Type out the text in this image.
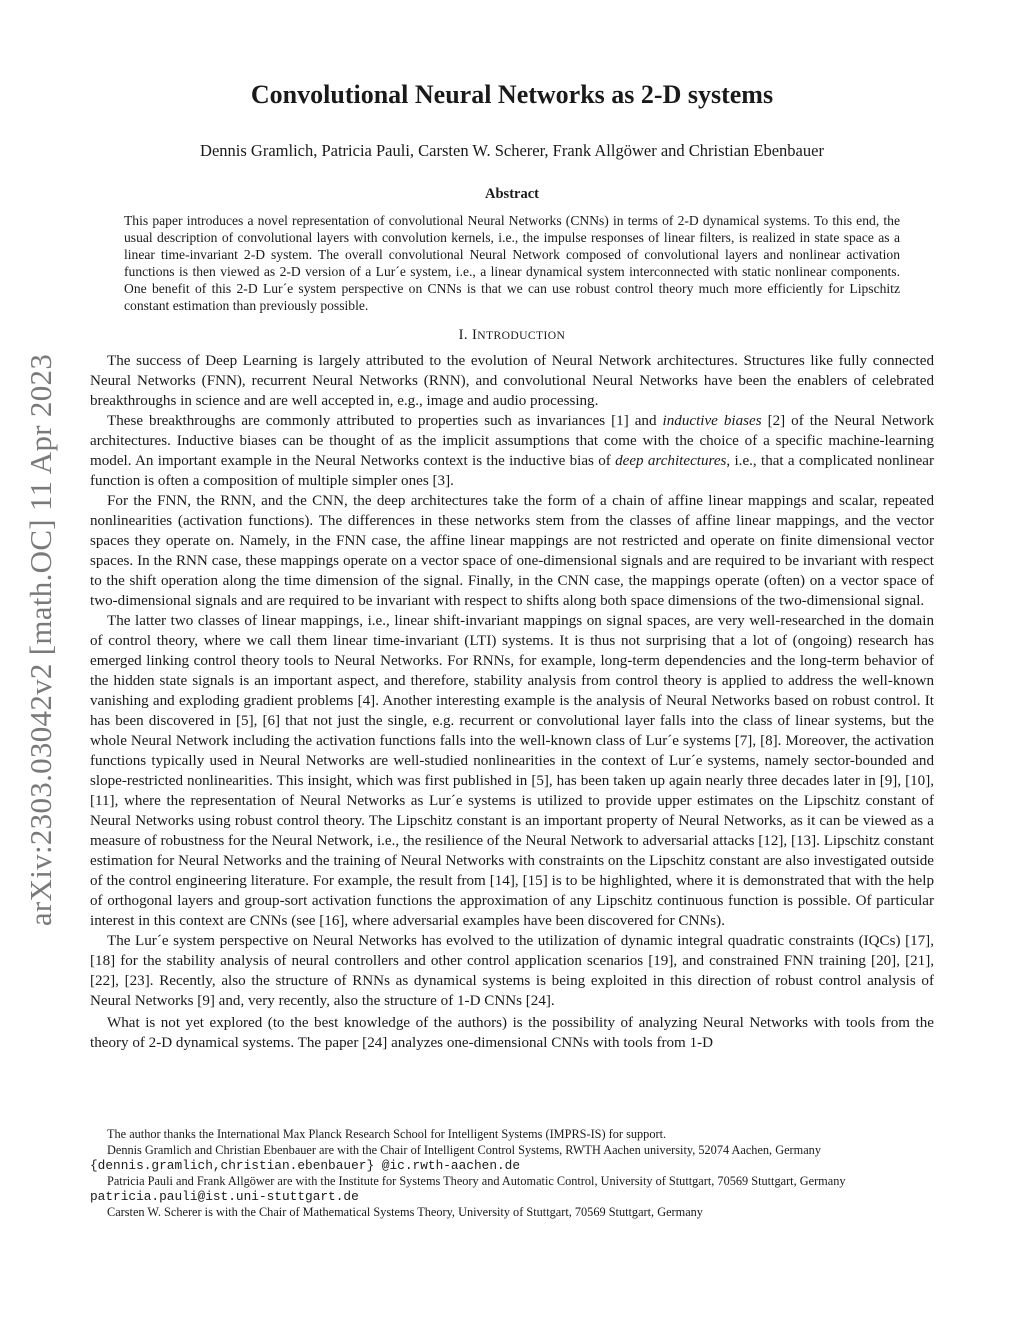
arXiv:2303.03042v2 [math.OC] 11 Apr 2023
Convolutional Neural Networks as 2-D systems
Dennis Gramlich, Patricia Pauli, Carsten W. Scherer, Frank Allgöwer and Christian Ebenbauer
Abstract

This paper introduces a novel representation of convolutional Neural Networks (CNNs) in terms of 2-D dynamical systems. To this end, the usual description of convolutional layers with convolution kernels, i.e., the impulse responses of linear filters, is realized in state space as a linear time-invariant 2-D system. The overall convolutional Neural Network composed of convolutional layers and nonlinear activation functions is then viewed as 2-D version of a Lur´e system, i.e., a linear dynamical system interconnected with static nonlinear components. One benefit of this 2-D Lur´e system perspective on CNNs is that we can use robust control theory much more efficiently for Lipschitz constant estimation than previously possible.

I. INTRODUCTION

The success of Deep Learning is largely attributed to the evolution of Neural Network architectures. Structures like fully connected Neural Networks (FNN), recurrent Neural Networks (RNN), and convolutional Neural Networks have been the enablers of celebrated breakthroughs in science and are well accepted in, e.g., image and audio processing.

These breakthroughs are commonly attributed to properties such as invariances [1] and inductive biases [2] of the Neural Network architectures. Inductive biases can be thought of as the implicit assumptions that come with the choice of a specific machine-learning model. An important example in the Neural Networks context is the inductive bias of deep architectures, i.e., that a complicated nonlinear function is often a composition of multiple simpler ones [3].

For the FNN, the RNN, and the CNN, the deep architectures take the form of a chain of affine linear mappings and scalar, repeated nonlinearities (activation functions). The differences in these networks stem from the classes of affine linear mappings, and the vector spaces they operate on. Namely, in the FNN case, the affine linear mappings are not restricted and operate on finite dimensional vector spaces. In the RNN case, these mappings operate on a vector space of one-dimensional signals and are required to be invariant with respect to the shift operation along the time dimension of the signal. Finally, in the CNN case, the mappings operate (often) on a vector space of two-dimensional signals and are required to be invariant with respect to shifts along both space dimensions of the two-dimensional signal.

The latter two classes of linear mappings, i.e., linear shift-invariant mappings on signal spaces, are very well-researched in the domain of control theory, where we call them linear time-invariant (LTI) systems. It is thus not surprising that a lot of (ongoing) research has emerged linking control theory tools to Neural Networks. For RNNs, for example, long-term dependencies and the long-term behavior of the hidden state signals is an important aspect, and therefore, stability analysis from control theory is applied to address the well-known vanishing and exploding gradient problems [4]. Another interesting example is the analysis of Neural Networks based on robust control. It has been discovered in [5], [6] that not just the single, e.g. recurrent or convolutional layer falls into the class of linear systems, but the whole Neural Network including the activation functions falls into the well-known class of Lur´e systems [7], [8]. Moreover, the activation functions typically used in Neural Networks are well-studied nonlinearities in the context of Lur´e systems, namely sector-bounded and slope-restricted nonlinearities. This insight, which was first published in [5], has been taken up again nearly three decades later in [9], [10], [11], where the representation of Neural Networks as Lur´e systems is utilized to provide upper estimates on the Lipschitz constant of Neural Networks using robust control theory. The Lipschitz constant is an important property of Neural Networks, as it can be viewed as a measure of robustness for the Neural Network, i.e., the resilience of the Neural Network to adversarial attacks [12], [13]. Lipschitz constant estimation for Neural Networks and the training of Neural Networks with constraints on the Lipschitz constant are also investigated outside of the control engineering literature. For example, the result from [14], [15] is to be highlighted, where it is demonstrated that with the help of orthogonal layers and group-sort activation functions the approximation of any Lipschitz continuous function is possible. Of particular interest in this context are CNNs (see [16], where adversarial examples have been discovered for CNNs).

The Lur´e system perspective on Neural Networks has evolved to the utilization of dynamic integral quadratic constraints (IQCs) [17], [18] for the stability analysis of neural controllers and other control application scenarios [19], and constrained FNN training [20], [21], [22], [23]. Recently, also the structure of RNNs as dynamical systems is being exploited in this direction of robust control analysis of Neural Networks [9] and, very recently, also the structure of 1-D CNNs [24].

What is not yet explored (to the best knowledge of the authors) is the possibility of analyzing Neural Networks with tools from the theory of 2-D dynamical systems. The paper [24] analyzes one-dimensional CNNs with tools from 1-D

The author thanks the International Max Planck Research School for Intelligent Systems (IMPRS-IS) for support.

Dennis Gramlich and Christian Ebenbauer are with the Chair of Intelligent Control Systems, RWTH Aachen university, 52074 Aachen, Germany

{dennis.gramlich,christian.ebenbauer} @ic.rwth-aachen.de

Patricia Pauli and Frank Allgöwer are with the Institute for Systems Theory and Automatic Control, University of Stuttgart, 70569 Stuttgart, Germany

patricia.pauli@ist.uni-stuttgart.de

Carsten W. Scherer is with the Chair of Mathematical Systems Theory, University of Stuttgart, 70569 Stuttgart, Germany
